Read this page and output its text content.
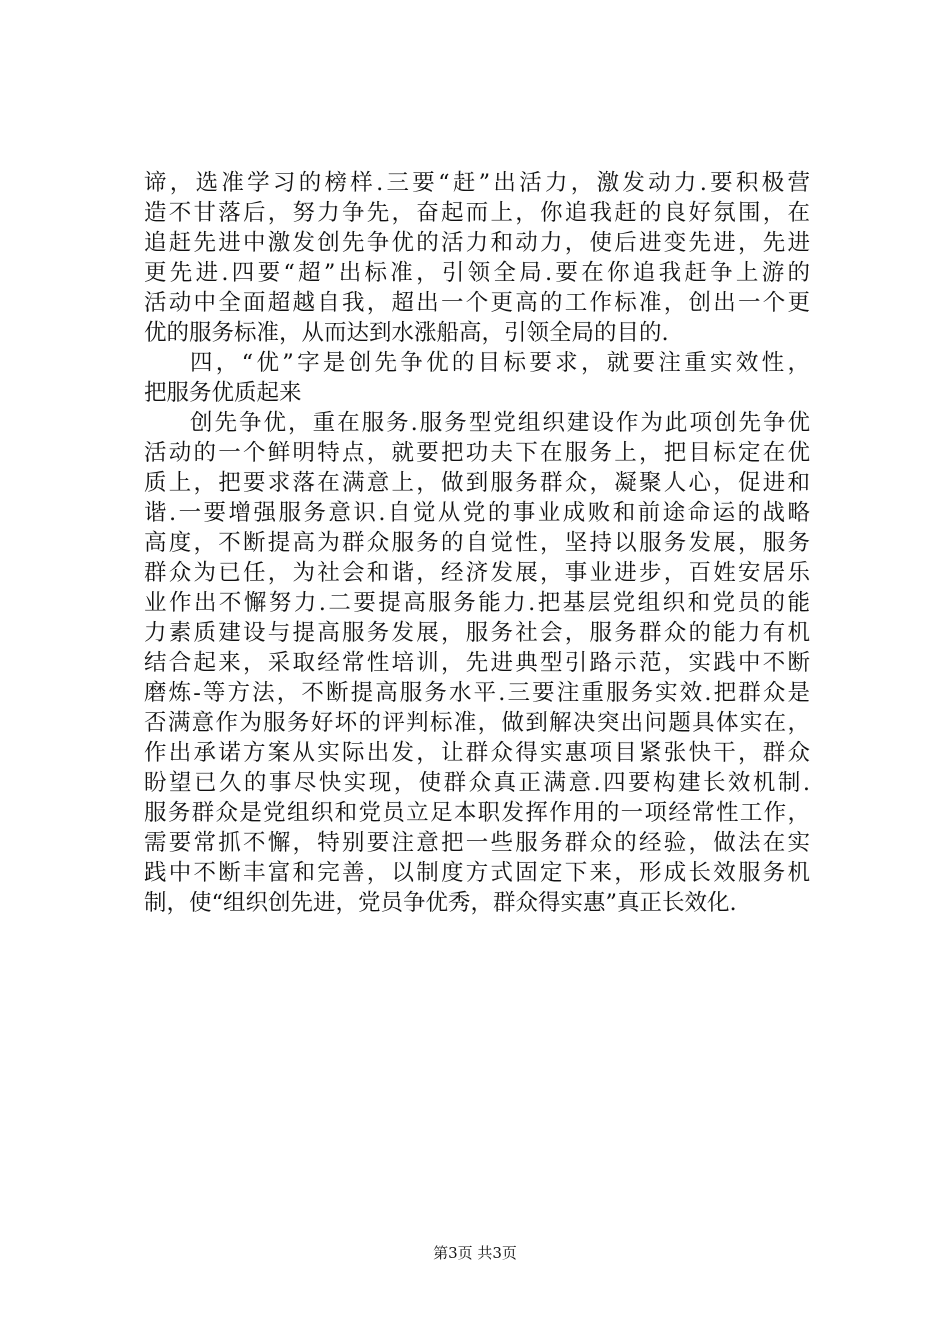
谛，选准学习的榜样.三要“赶”出活力，激发动力.要积极营
造不甘落后，努力争先，奋起而上，你追我赶的良好氛围，在
追赶先进中激发创先争优的活力和动力，使后进变先进，先进
更先进.四要“超”出标准，引领全局.要在你追我赶争上游的
活动中全面超越自我，超出一个更高的工作标准，创出一个更
优的服务标准，从而达到水涨船高，引领全局的目的.
四，“优”字是创先争优的目标要求，就要注重实效性，
把服务优质起来
创先争优，重在服务.服务型党组织建设作为此项创先争优
活动的一个鲜明特点，就要把功夫下在服务上，把目标定在优
质上，把要求落在满意上，做到服务群众，凝聚人心，促进和
谐.一要增强服务意识.自觉从党的事业成败和前途命运的战略
高度，不断提高为群众服务的自觉性，坚持以服务发展，服务
群众为已任，为社会和谐，经济发展，事业进步，百姓安居乐
业作出不懈努力.二要提高服务能力.把基层党组织和党员的能
力素质建设与提高服务发展，服务社会，服务群众的能力有机
结合起来，采取经常性培训，先进典型引路示范，实践中不断
磨炼-等方法，不断提高服务水平.三要注重服务实效.把群众是
否满意作为服务好坏的评判标准，做到解决突出问题具体实在，
作出承诺方案从实际出发，让群众得实惠项目紧张快干，群众
盼望已久的事尽快实现，使群众真正满意.四要构建长效机制.
服务群众是党组织和党员立足本职发挥作用的一项经常性工作，
需要常抓不懈，特别要注意把一些服务群众的经验，做法在实
践中不断丰富和完善，以制度方式固定下来，形成长效服务机
制，使“组织创先进，党员争优秀，群众得实惠”真正长效化.
第3页 共3页
